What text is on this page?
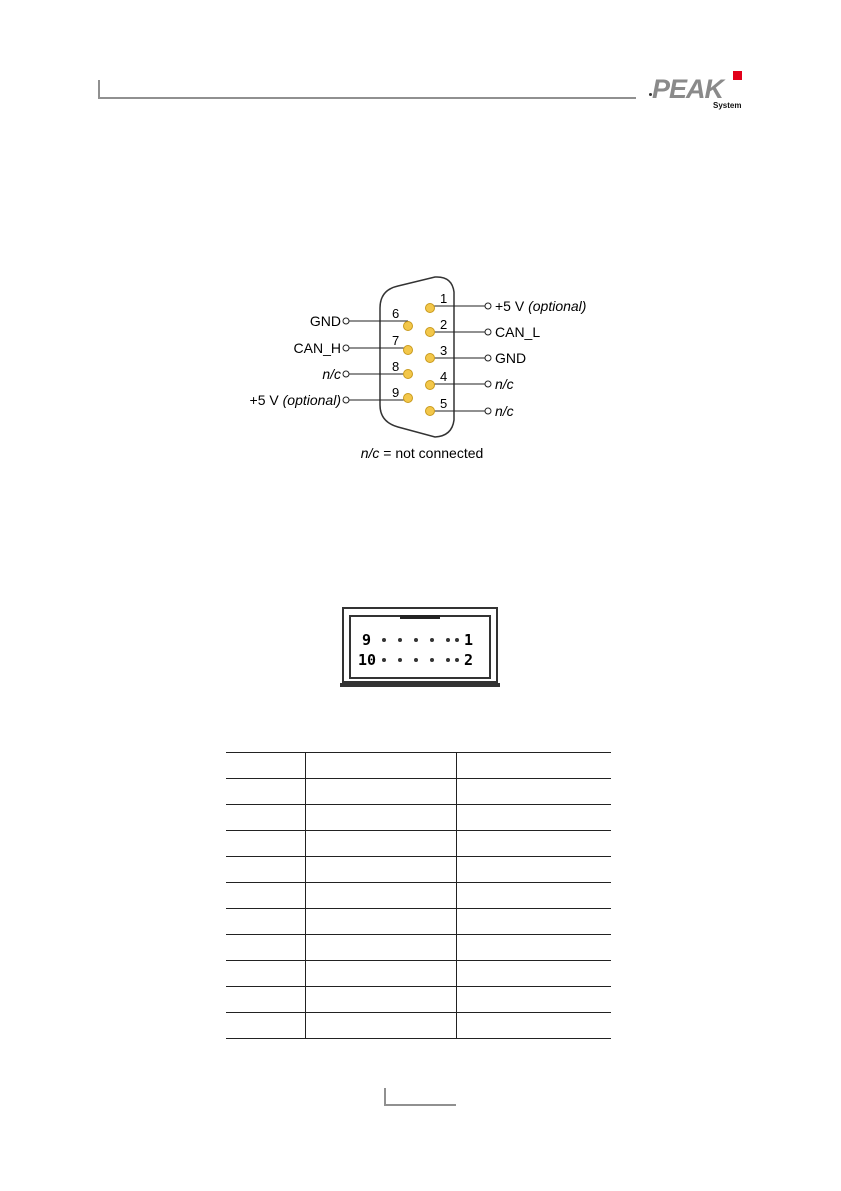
PEAK
System
1
2
3
4
5
6
7
8
9
GND
CAN_H
n/c
+5 V (optional)
+5 V (optional)
CAN_L
GND
n/c
n/c
n/c = not connected
9
10
1
2
